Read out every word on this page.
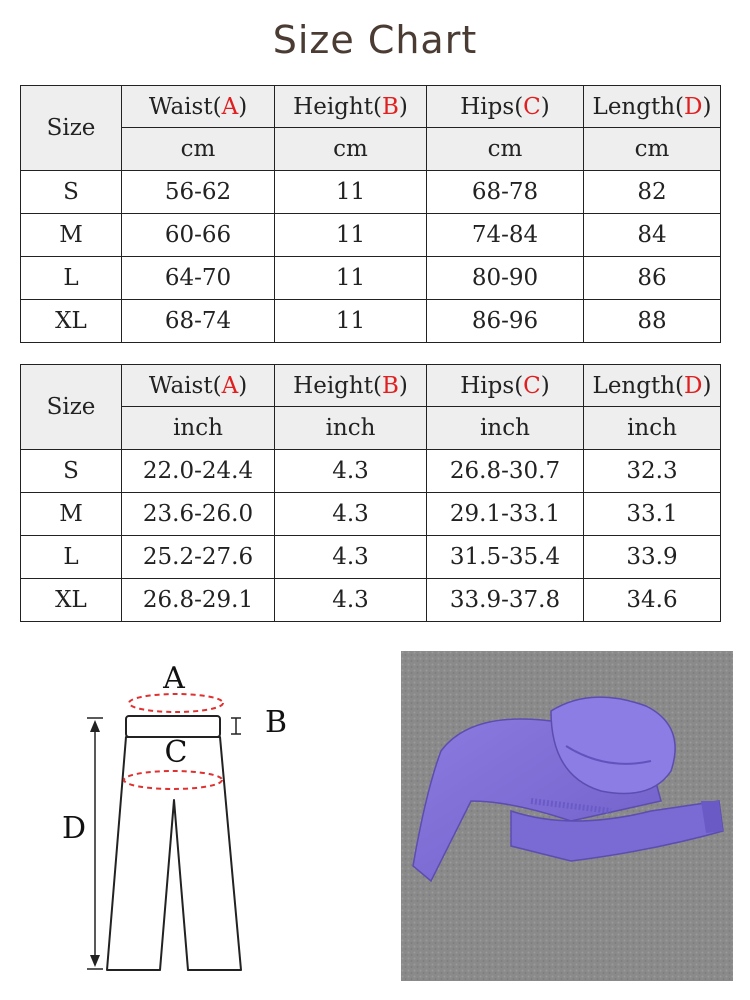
Size Chart
Size	Waist(A)	Height(B)	Hips(C)	Length(D)
	cm	cm	cm	cm
S	56-62	11	68-78	82
M	60-66	11	74-84	84
L	64-70	11	80-90	86
XL	68-74	11	86-96	88
Size	Waist(A)	Height(B)	Hips(C)	Length(D)
	inch	inch	inch	inch
S	22.0-24.4	4.3	26.8-30.7	32.3
M	23.6-26.0	4.3	29.1-33.1	33.1
L	25.2-27.6	4.3	31.5-35.4	33.9
XL	26.8-29.1	4.3	33.9-37.8	34.6
A
B
C
D
